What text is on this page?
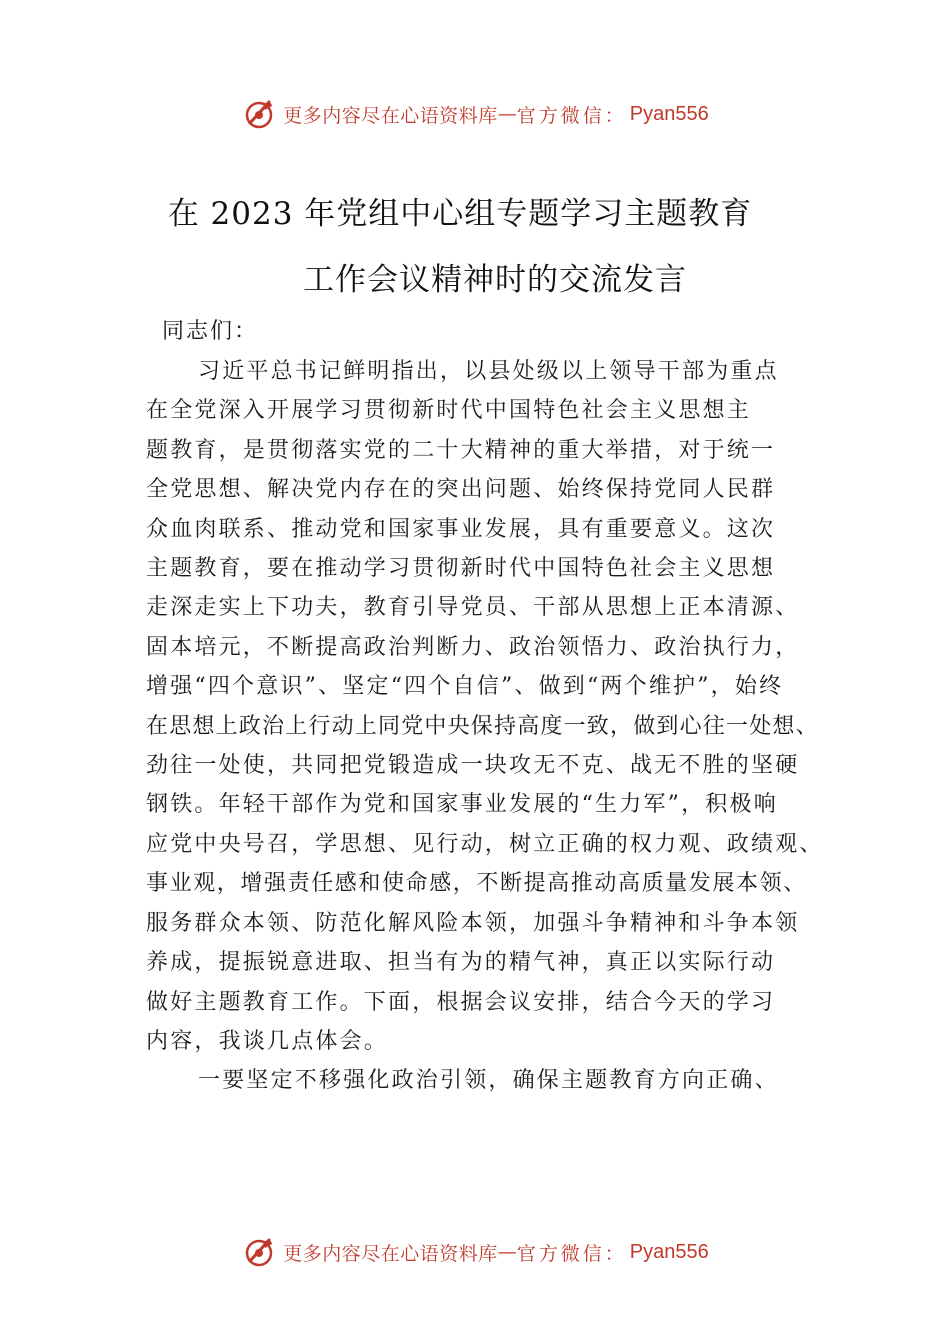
更多内容尽在心语资料库 — 官方微信 ： Pyan556
在 2023 年党组中心组专题学习主题教育
工作会议精神时的交流发言
同志们：
习近平总书记鲜明指出，以县处级以上领导干部为重点
在全党深入开展学习贯彻新时代中国特色社会主义思想主
题教育，是贯彻落实党的二十大精神的重大举措，对于统一
全党思想、解决党内存在的突出问题、始终保持党同人民群
众血肉联系、推动党和国家事业发展，具有重要意义。这次
主题教育，要在推动学习贯彻新时代中国特色社会主义思想
走深走实上下功夫，教育引导党员、干部从思想上正本清源、
固本培元，不断提高政治判断力、政治领悟力、政治执行力，
增强“四个意识”、坚定“四个自信”、做到“两个维护”，始终
在思想上政治上行动上同党中央保持高度一致，做到心往一处想、
劲往一处使，共同把党锻造成一块攻无不克、战无不胜的坚硬
钢铁。年轻干部作为党和国家事业发展的“生力军”，积极响
应党中央号召，学思想、见行动，树立正确的权力观、政绩观、
事业观，增强责任感和使命感，不断提高推动高质量发展本领、
服务群众本领、防范化解风险本领，加强斗争精神和斗争本领
养成，提振锐意进取、担当有为的精气神，真正以实际行动
做好主题教育工作。下面，根据会议安排，结合今天的学习
内容，我谈几点体会。
一要坚定不移强化政治引领，确保主题教育方向正确、
更多内容尽在心语资料库 — 官方微信 ： Pyan556
